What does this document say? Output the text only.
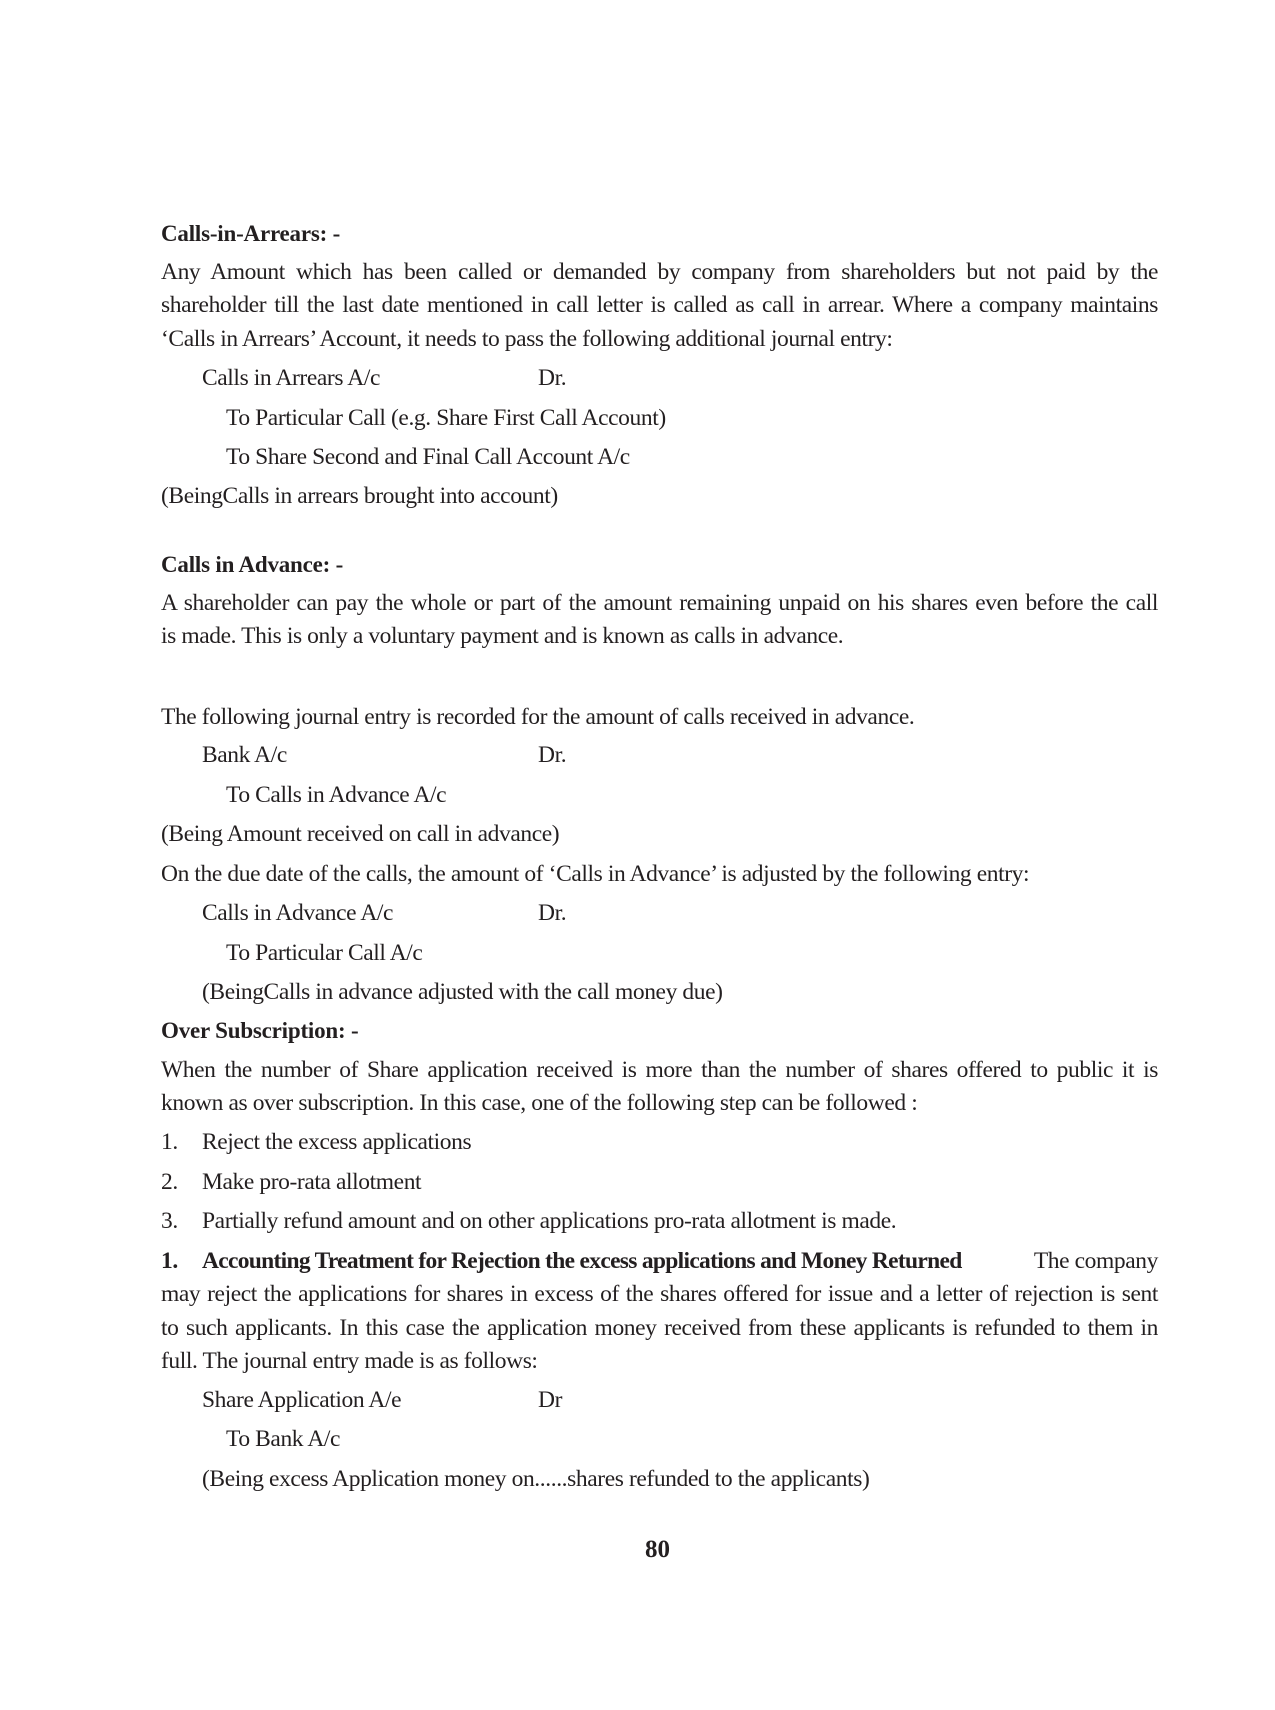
Calls-in-Arrears: -
Any Amount which has been called or demanded by company from shareholders but not paid by the
shareholder till the last date mentioned in call letter is called as call in arrear. Where a company maintains
‘Calls in Arrears’ Account, it needs to pass the following additional journal entry:
Calls in Arrears A/c	Dr.
To Particular Call (e.g. Share First Call Account)
To Share Second and Final Call Account A/c
(BeingCalls in arrears brought into account)
Calls in Advance: -
A shareholder can pay the whole or part of the amount remaining unpaid on his shares even before the call
is made. This is only a voluntary payment and is known as calls in advance.
The following journal entry is recorded for the amount of calls received in advance.
Bank A/c	Dr.
To Calls in Advance A/c
(Being Amount received on call in advance)
On the due date of the calls, the amount of ‘Calls in Advance’ is adjusted by the following entry:
Calls in Advance A/c	Dr.
To Particular Call A/c
(BeingCalls in advance adjusted with the call money due)
Over Subscription: -
When the number of Share application received is more than the number of shares offered to public it is
known as over subscription. In this case, one of the following step can be followed :
1. Reject the excess applications
2. Make pro-rata allotment
3. Partially refund amount and on other applications pro-rata allotment is made.
1. Accounting Treatment for Rejection the excess applications and Money Returned	The company
may reject the applications for shares in excess of the shares offered for issue and a letter of rejection is sent
to such applicants. In this case the application money received from these applicants is refunded to them in
full. The journal entry made is as follows:
Share Application A/e	Dr
To Bank A/c
(Being excess Application money on......shares refunded to the applicants)
80
